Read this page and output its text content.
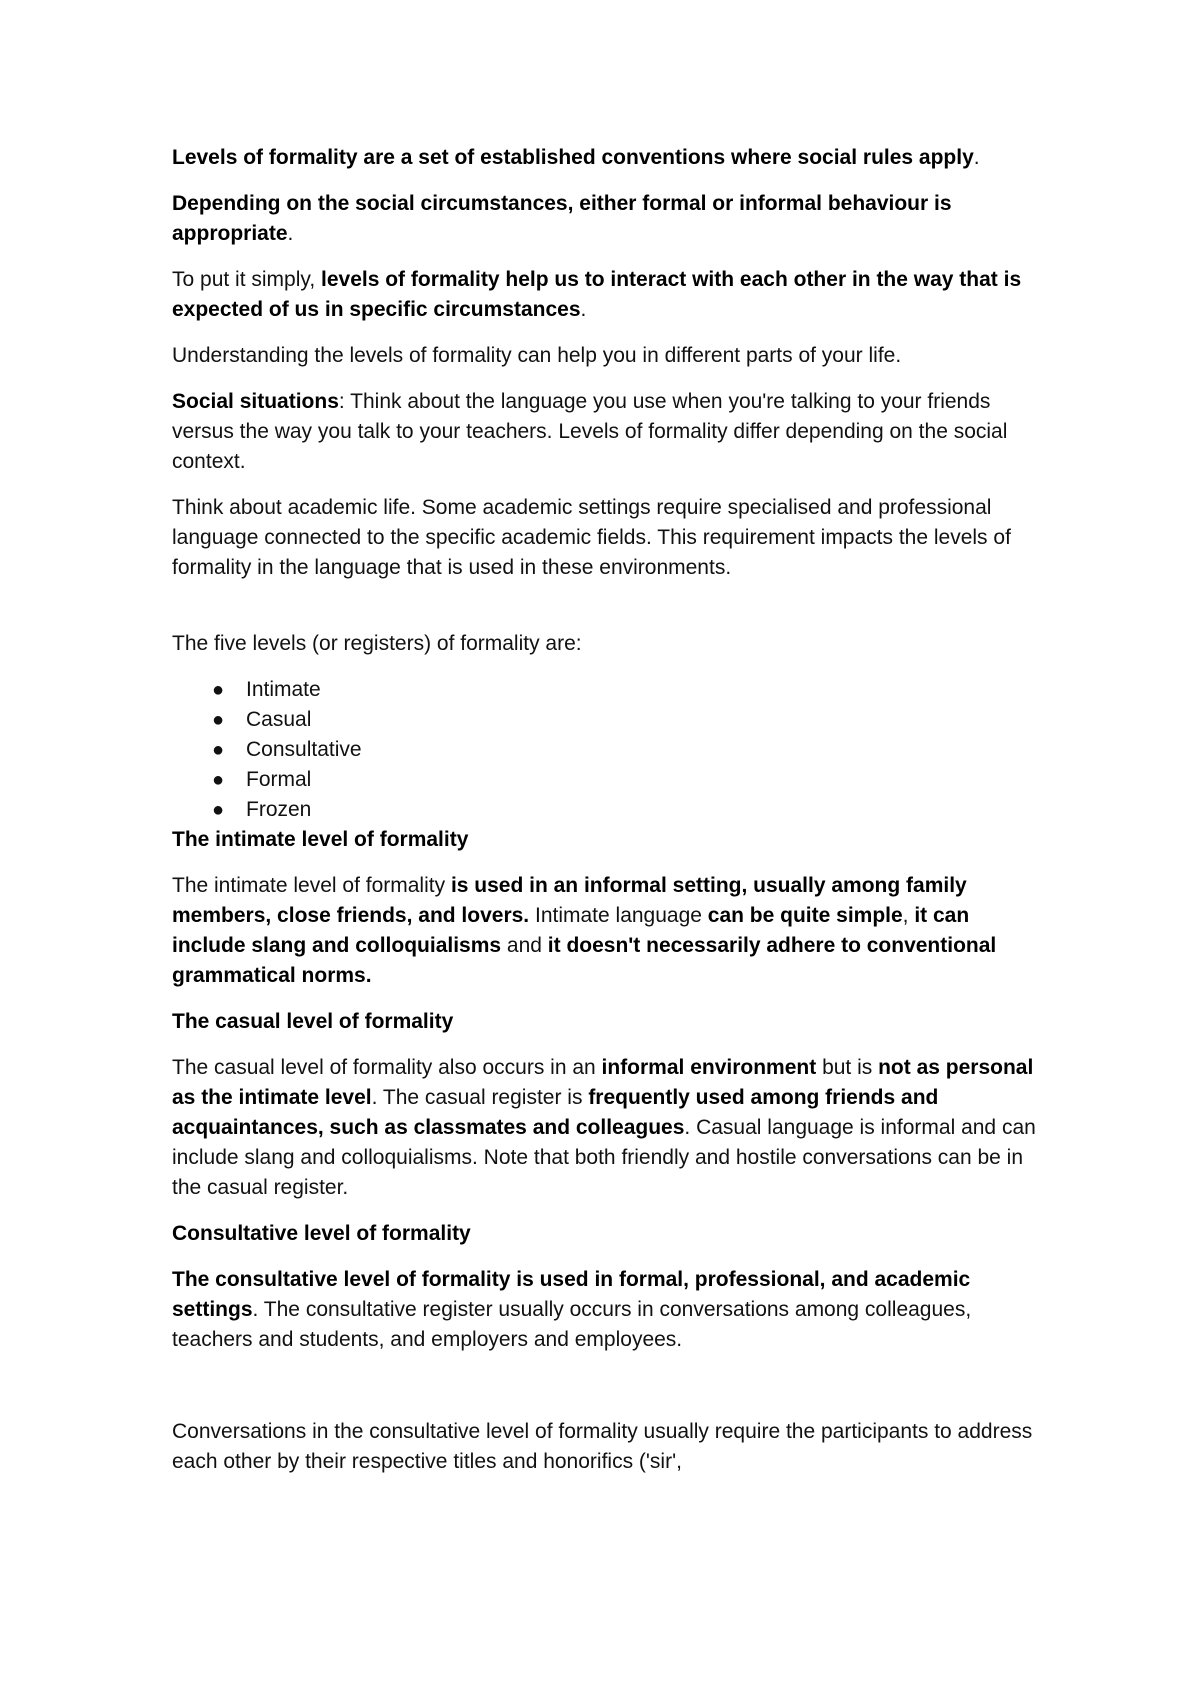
Levels of formality are a set of established conventions where social rules apply.

Depending on the social circumstances, either formal or informal behaviour is appropriate.

To put it simply, levels of formality help us to interact with each other in the way that is expected of us in specific circumstances.

Understanding the levels of formality can help you in different parts of your life.

Social situations: Think about the language you use when you're talking to your friends versus the way you talk to your teachers. Levels of formality differ depending on the social context.

Think about academic life. Some academic settings require specialised and professional language connected to the specific academic fields. This requirement impacts the levels of formality in the language that is used in these environments.

The five levels (or registers) of formality are:

●	Intimate
●	Casual
●	Consultative
●	Formal
●	Frozen

The intimate level of formality

The intimate level of formality is used in an informal setting, usually among family members, close friends, and lovers. Intimate language can be quite simple, it can include slang and colloquialisms and it doesn't necessarily adhere to conventional grammatical norms.

The casual level of formality

The casual level of formality also occurs in an informal environment but is not as personal as the intimate level. The casual register is frequently used among friends and acquaintances, such as classmates and colleagues. Casual language is informal and can include slang and colloquialisms. Note that both friendly and hostile conversations can be in the casual register.

Consultative level of formality

The consultative level of formality is used in formal, professional, and academic settings. The consultative register usually occurs in conversations among colleagues, teachers and students, and employers and employees.

Conversations in the consultative level of formality usually require the participants to address each other by their respective titles and honorifics ('sir',
